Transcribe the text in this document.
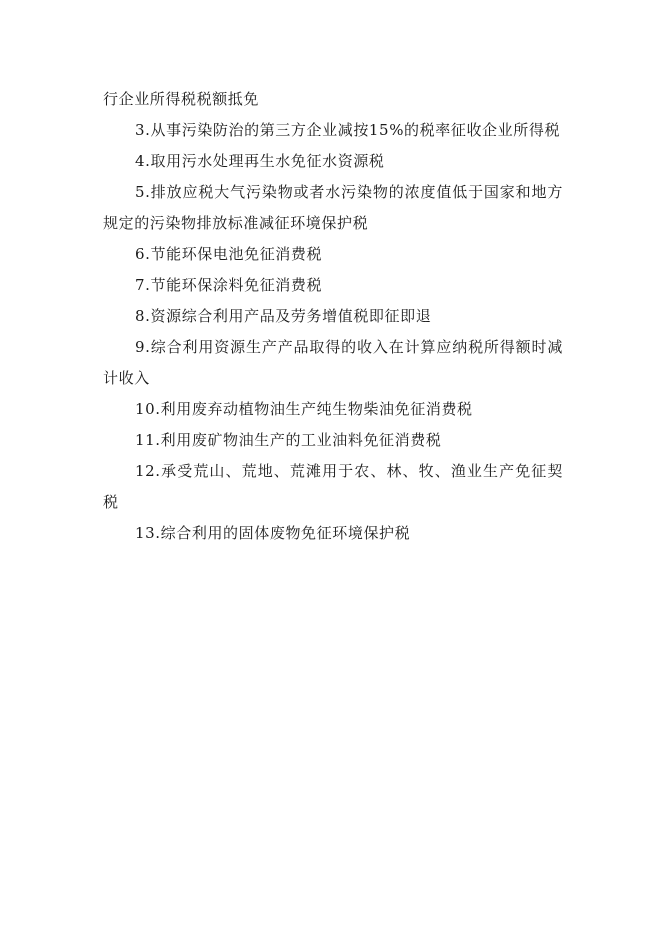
行企业所得税税额抵免

3.从事污染防治的第三方企业减按15%的税率征收企业所得税

4.取用污水处理再生水免征水资源税

5.排放应税大气污染物或者水污染物的浓度值低于国家和地方规定的污染物排放标准减征环境保护税

6.节能环保电池免征消费税

7.节能环保涂料免征消费税

8.资源综合利用产品及劳务增值税即征即退

9.综合利用资源生产产品取得的收入在计算应纳税所得额时减计收入

10.利用废弃动植物油生产纯生物柴油免征消费税

11.利用废矿物油生产的工业油料免征消费税

12.承受荒山、荒地、荒滩用于农、林、牧、渔业生产免征契税

13.综合利用的固体废物免征环境保护税
